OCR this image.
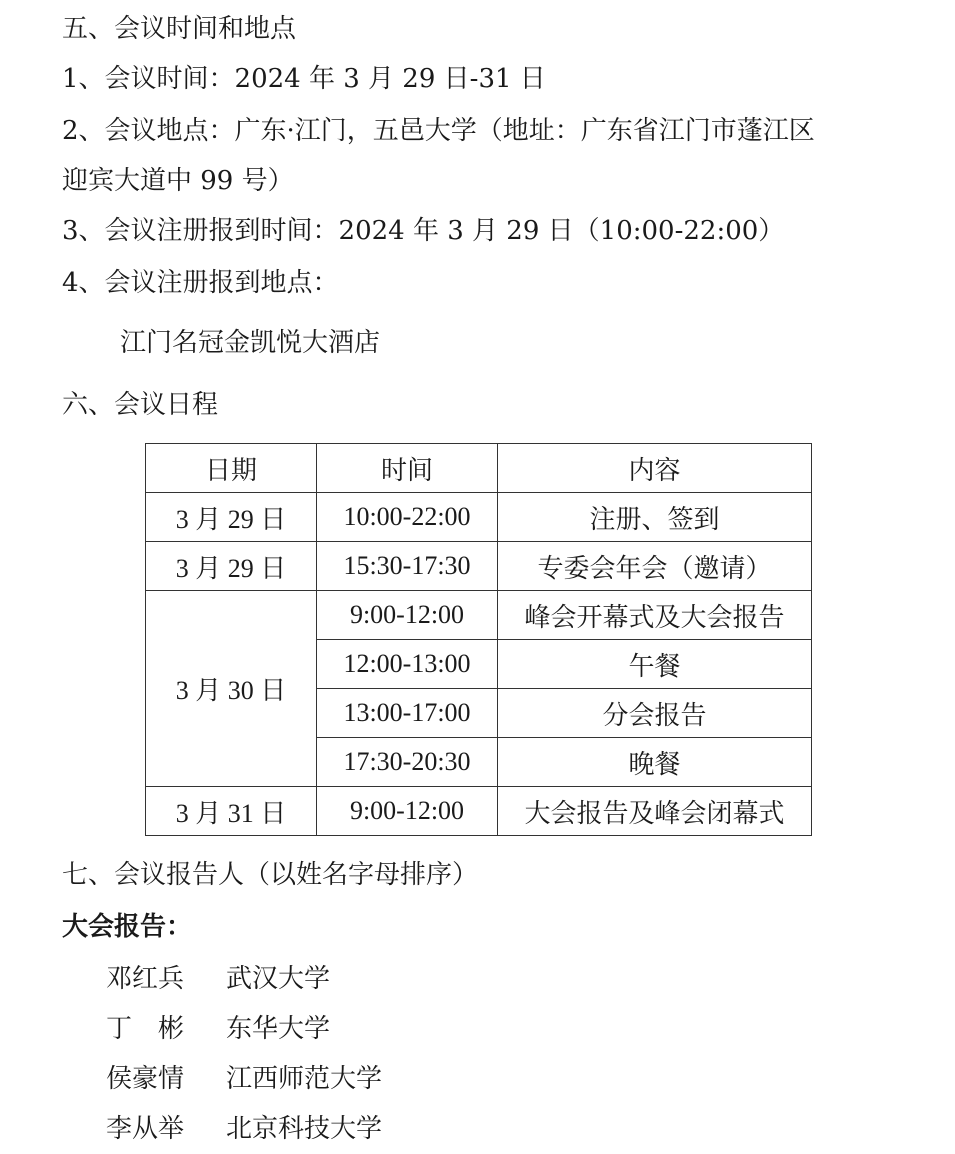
五、会议时间和地点
1、会议时间：2024 年 3 月 29 日-31 日
2、会议地点：广东·江门，五邑大学（地址：广东省江门市蓬江区
迎宾大道中 99 号）
3、会议注册报到时间：2024 年 3 月 29 日（10:00-22:00）
4、会议注册报到地点：
江门名冠金凯悦大酒店
六、会议日程
日期	时间	内容
3 月 29 日	10:00-22:00	注册、签到
3 月 29 日	15:30-17:30	专委会年会（邀请）
3 月 30 日	9:00-12:00	峰会开幕式及大会报告
	12:00-13:00	午餐
	13:00-17:00	分会报告
	17:30-20:30	晚餐
3 月 31 日	9:00-12:00	大会报告及峰会闭幕式
七、会议报告人（以姓名字母排序）
大会报告：
邓红兵 武汉大学
丁　彬 东华大学
侯豪情 江西师范大学
李从举 北京科技大学
